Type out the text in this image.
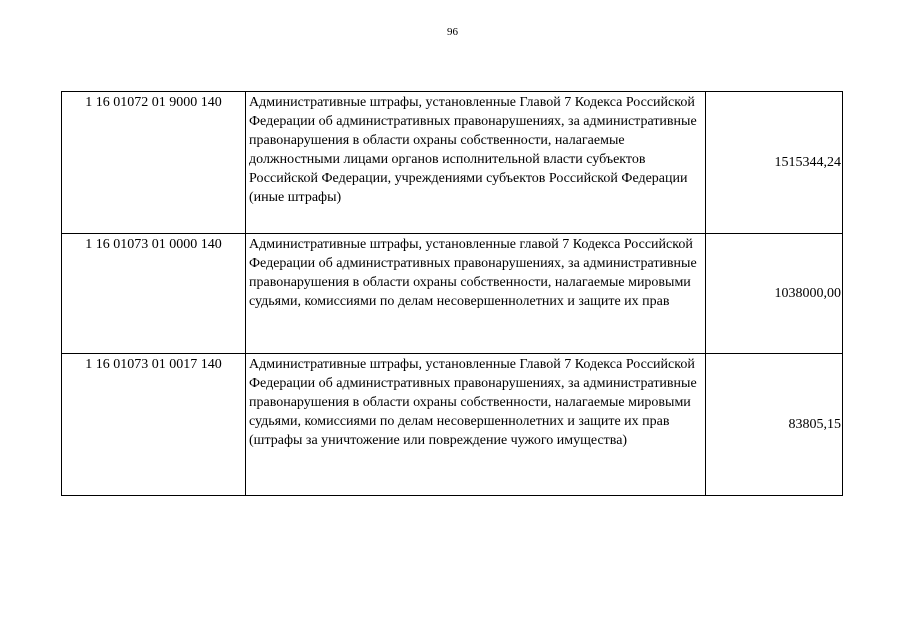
96
1 16 01072 01 9000 140	Административные штрафы, установленные Главой 7 Кодекса Российской Федерации об административных правонарушениях, за административные правонарушения в области охраны собственности, налагаемые должностными лицами органов исполнительной власти субъектов Российской Федерации, учреждениями субъектов Российской Федерации (иные штрафы)	1515344,24
1 16 01073 01 0000 140	Административные штрафы, установленные главой 7 Кодекса Российской Федерации об административных правонарушениях, за административные правонарушения в области охраны собственности, налагаемые мировыми судьями, комиссиями по делам несовершеннолетних и защите их прав	1038000,00
1 16 01073 01 0017 140	Административные штрафы, установленные Главой 7 Кодекса Российской Федерации об административных правонарушениях, за административные правонарушения в области охраны собственности, налагаемые мировыми судьями, комиссиями по делам несовершеннолетних и защите их прав (штрафы за уничтожение или повреждение чужого имущества)	83805,15
